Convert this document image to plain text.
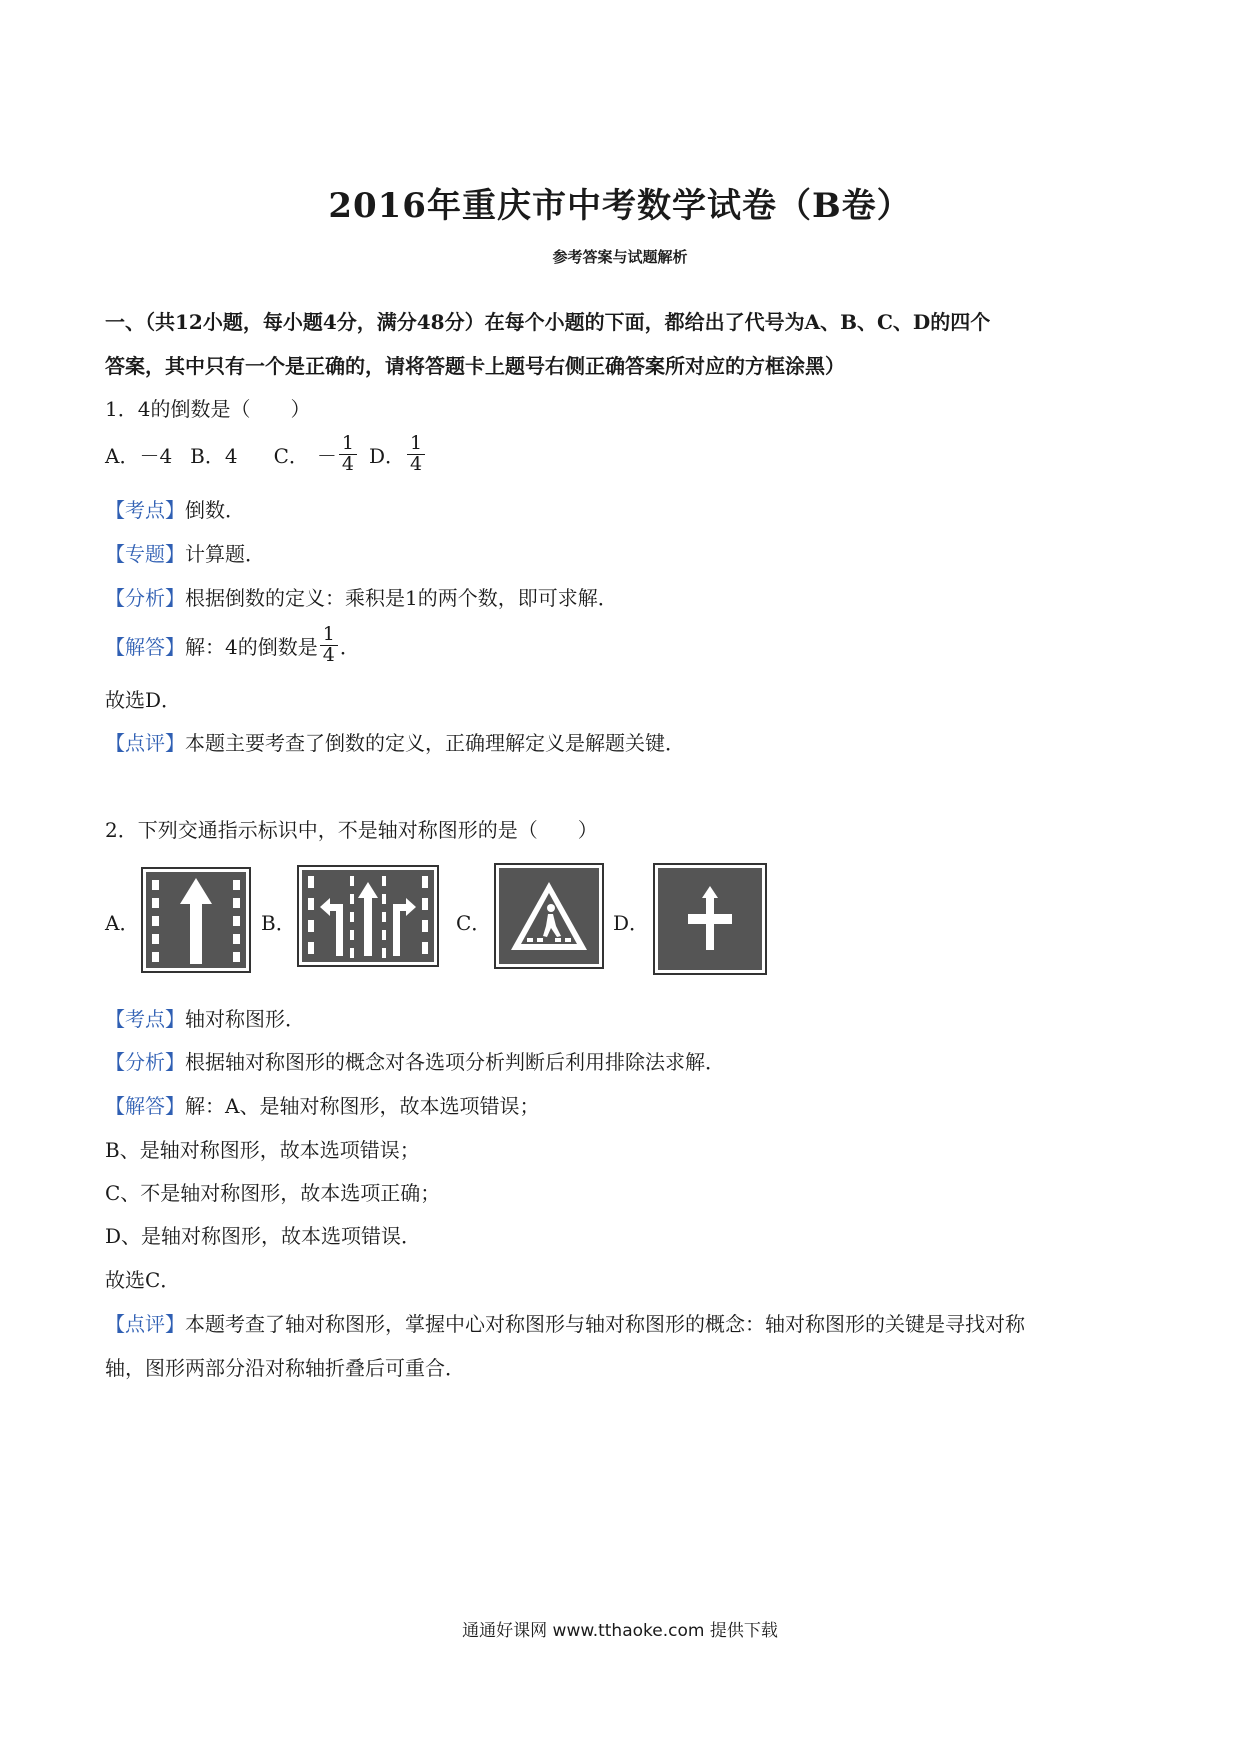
2016年重庆市中考数学试卷（B卷）
参考答案与试题解析
一、（共12小题，每小题4分，满分48分）在每个小题的下面，都给出了代号为A、B、C、D的四个
答案，其中只有一个是正确的，请将答题卡上题号右侧正确答案所对应的方框涂黑）
1．4的倒数是（　　）
A．－4 B．4 C． － $\frac{1}{4}$ D． $\frac{1}{4}$
【考点】倒数．
【专题】计算题．
【分析】根据倒数的定义：乘积是1的两个数，即可求解．
【解答】 解：4的倒数是 $\frac{1}{4}$ ．
故选D．
【点评】本题主要考查了倒数的定义，正确理解定义是解题关键．
2．下列交通指示标识中，不是轴对称图形的是（　　）
A．	B．	C．	D．
【考点】轴对称图形．
【分析】根据轴对称图形的概念对各选项分析判断后利用排除法求解．
【解答】解：A、是轴对称图形，故本选项错误；
B、是轴对称图形，故本选项错误；
C、不是轴对称图形，故本选项正确；
D、是轴对称图形，故本选项错误．
故选C．
【点评】本题考查了轴对称图形，掌握中心对称图形与轴对称图形的概念：轴对称图形的关键是寻找对称
轴，图形两部分沿对称轴折叠后可重合．
通通好课网 www.tthaoke.com 提供下载
